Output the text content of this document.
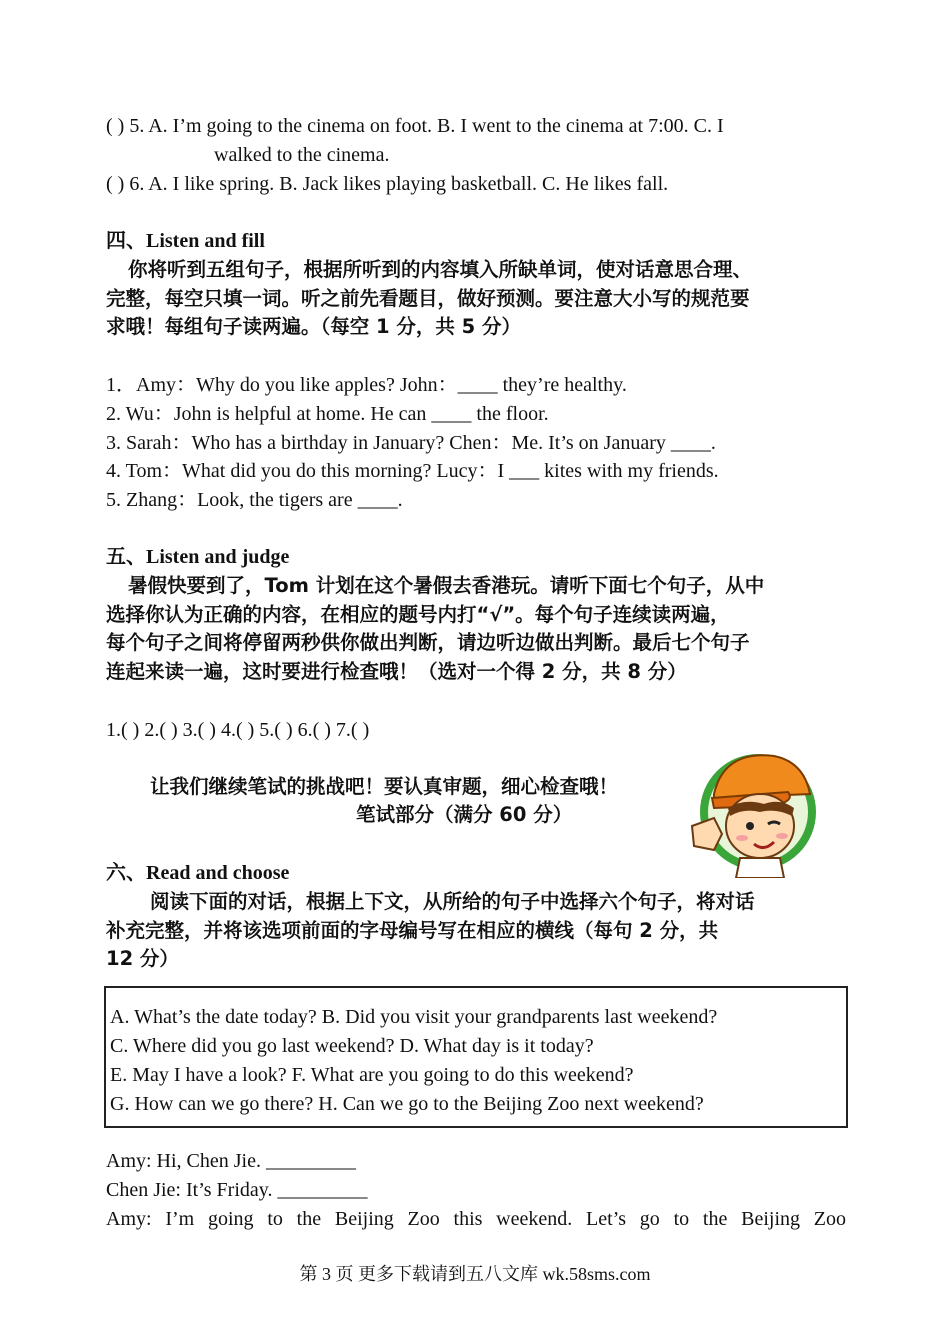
( ) 5. A. I’m going to the cinema on foot. B. I went to the cinema at 7:00. C. I
walked to the cinema.
( ) 6. A. I like spring. B. Jack likes playing basketball. C. He likes fall.
四、Listen and fill
你将听到五组句子，根据所听到的内容填入所缺单词，使对话意思合理、
完整，每空只填一词。听之前先看题目，做好预测。要注意大小写的规范要
求哦！每组句子读两遍。（每空 1 分，共 5 分）
1．Amy：Why do you like apples? John：____ they’re healthy.
2. Wu：John is helpful at home. He can ____ the floor.
3. Sarah：Who has a birthday in January? Chen：Me. It’s on January ____.
4. Tom：What did you do this morning? Lucy：I ___ kites with my friends.
5. Zhang：Look, the tigers are ____.
五、Listen and judge
暑假快要到了，Tom 计划在这个暑假去香港玩。请听下面七个句子，从中
选择你认为正确的内容，在相应的题号内打“√”。每个句子连续读两遍，
每个句子之间将停留两秒供你做出判断，请边听边做出判断。最后七个句子
连起来读一遍，这时要进行检查哦！（选对一个得 2 分，共 8 分）
1.( ) 2.( ) 3.( ) 4.( ) 5.( ) 6.( ) 7.( )
让我们继续笔试的挑战吧！要认真审题，细心检查哦！
笔试部分（满分 60 分）
六、Read and choose
阅读下面的对话，根据上下文，从所给的句子中选择六个句子，将对话
补充完整，并将该选项前面的字母编号写在相应的横线（每句 2 分，共
12 分）
A. What’s the date today? B. Did you visit your grandparents last weekend?
C. Where did you go last weekend? D. What day is it today?
E. May I have a look? F. What are you going to do this weekend?
G. How can we go there? H. Can we go to the Beijing Zoo next weekend?
Amy: Hi, Chen Jie. _________
Chen Jie: It’s Friday. _________
Amy: I’m going to the Beijing Zoo this weekend. Let’s go to the Beijing Zoo
第 3 页 更多下载请到五八文库 wk.58sms.com
